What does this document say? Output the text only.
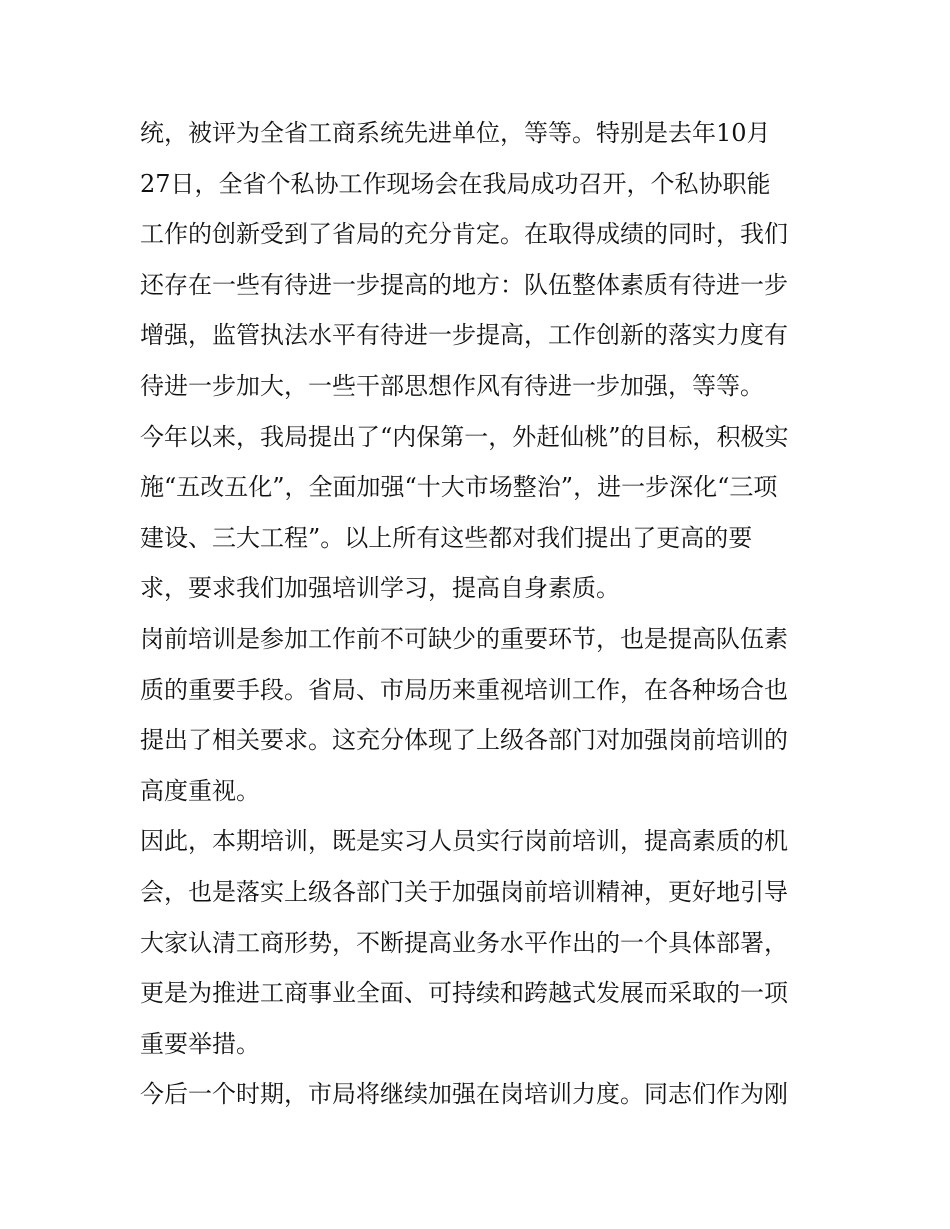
统，被评为全省工商系统先进单位，等等。特别是去年10月
27日，全省个私协工作现场会在我局成功召开，个私协职能
工作的创新受到了省局的充分肯定。在取得成绩的同时，我们
还存在一些有待进一步提高的地方：队伍整体素质有待进一步
增强，监管执法水平有待进一步提高，工作创新的落实力度有
待进一步加大，一些干部思想作风有待进一步加强，等等。
今年以来，我局提出了“内保第一，外赶仙桃”的目标，积极实
施“五改五化”，全面加强“十大市场整治”，进一步深化“三项
建设、三大工程”。以上所有这些都对我们提出了更高的要
求，要求我们加强培训学习，提高自身素质。
岗前培训是参加工作前不可缺少的重要环节，也是提高队伍素
质的重要手段。省局、市局历来重视培训工作，在各种场合也
提出了相关要求。这充分体现了上级各部门对加强岗前培训的
高度重视。
因此，本期培训，既是实习人员实行岗前培训，提高素质的机
会，也是落实上级各部门关于加强岗前培训精神，更好地引导
大家认清工商形势，不断提高业务水平作出的一个具体部署，
更是为推进工商事业全面、可持续和跨越式发展而采取的一项
重要举措。
今后一个时期，市局将继续加强在岗培训力度。同志们作为刚
